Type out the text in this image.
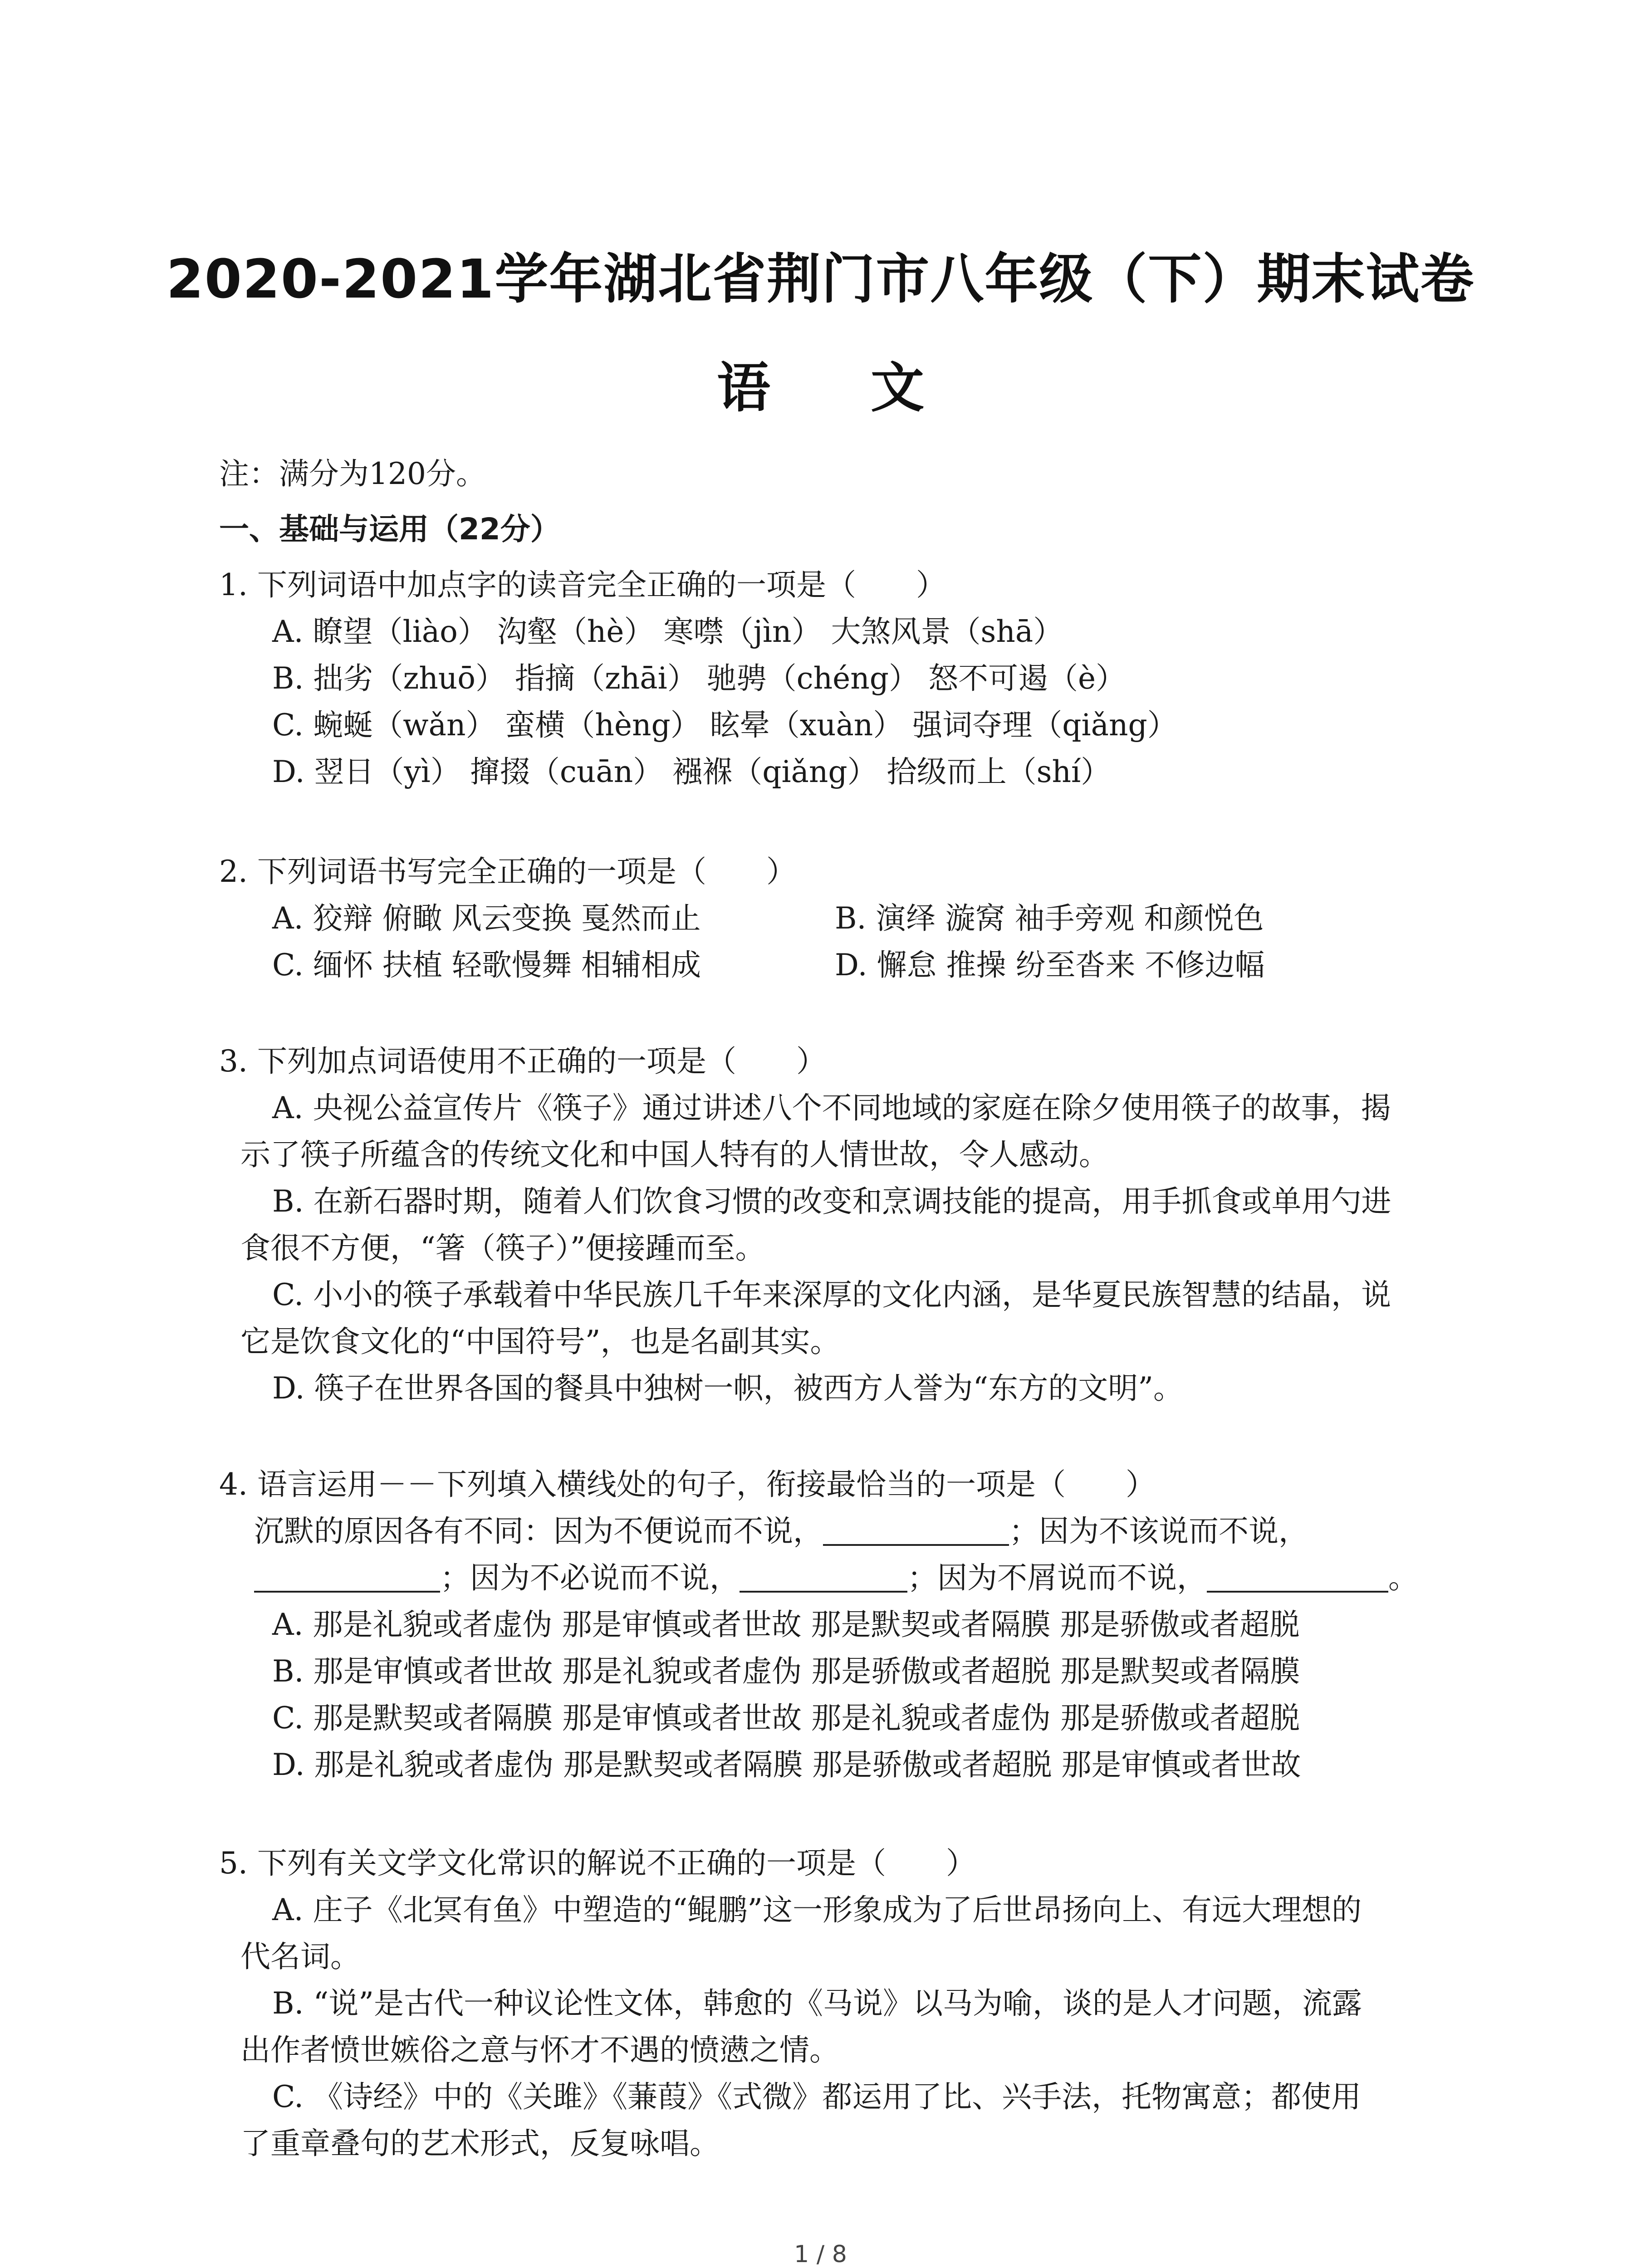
2020-2021学年湖北省荆门市八年级（下）期末试卷
语 文
注：满分为120分。
一、基础与运用（22分）
1. 下列词语中加点字的读音完全正确的一项是（　　）
A. 瞭望（liào） 沟壑（hè） 寒噤（jìn） 大煞风景（shā）
B. 拙劣（zhuō） 指摘（zhāi） 驰骋（chéng） 怒不可遏（è）
C. 蜿蜒（wǎn） 蛮横（hèng） 眩晕（xuàn） 强词夺理（qiǎng）
D. 翌日（yì） 撺掇（cuān） 襁褓（qiǎng） 拾级而上（shí）
2. 下列词语书写完全正确的一项是（　　）
A. 狡辩 俯瞰 风云变换 戛然而止	B. 演绎 漩窝 袖手旁观 和颜悦色
C. 缅怀 扶植 轻歌慢舞 相辅相成	D. 懈怠 推操 纷至沓来 不修边幅
3. 下列加点词语使用不正确的一项是（　　）
A. 央视公益宣传片《筷子》通过讲述八个不同地域的家庭在除夕使用筷子的故事，揭
示了筷子所蕴含的传统文化和中国人特有的人情世故，令人感动。
B. 在新石器时期，随着人们饮食习惯的改变和烹调技能的提高，用手抓食或单用勺进
食很不方便，“箸（筷子）”便接踵而至。
C. 小小的筷子承载着中华民族几千年来深厚的文化内涵，是华夏民族智慧的结晶，说
它是饮食文化的“中国符号”，也是名副其实。
D. 筷子在世界各国的餐具中独树一帜，被西方人誉为“东方的文明”。
4. 语言运用－－下列填入横线处的句子，衔接最恰当的一项是（　　）
沉默的原因各有不同：因为不便说而不说，	；因为不该说而不说，
；因为不必说而不说，	；因为不屑说而不说，	。
A. 那是礼貌或者虚伪 那是审慎或者世故 那是默契或者隔膜 那是骄傲或者超脱
B. 那是审慎或者世故 那是礼貌或者虚伪 那是骄傲或者超脱 那是默契或者隔膜
C. 那是默契或者隔膜 那是审慎或者世故 那是礼貌或者虚伪 那是骄傲或者超脱
D. 那是礼貌或者虚伪 那是默契或者隔膜 那是骄傲或者超脱 那是审慎或者世故
5. 下列有关文学文化常识的解说不正确的一项是（　　）
A. 庄子《北冥有鱼》中塑造的“鲲鹏”这一形象成为了后世昂扬向上、有远大理想的
代名词。
B. “说”是古代一种议论性文体，韩愈的《马说》以马为喻，谈的是人才问题，流露
出作者愤世嫉俗之意与怀才不遇的愤懑之情。
C. 《诗经》中的《关雎》《蒹葭》《式微》都运用了比、兴手法，托物寓意；都使用
了重章叠句的艺术形式，反复咏唱。
1 / 8
